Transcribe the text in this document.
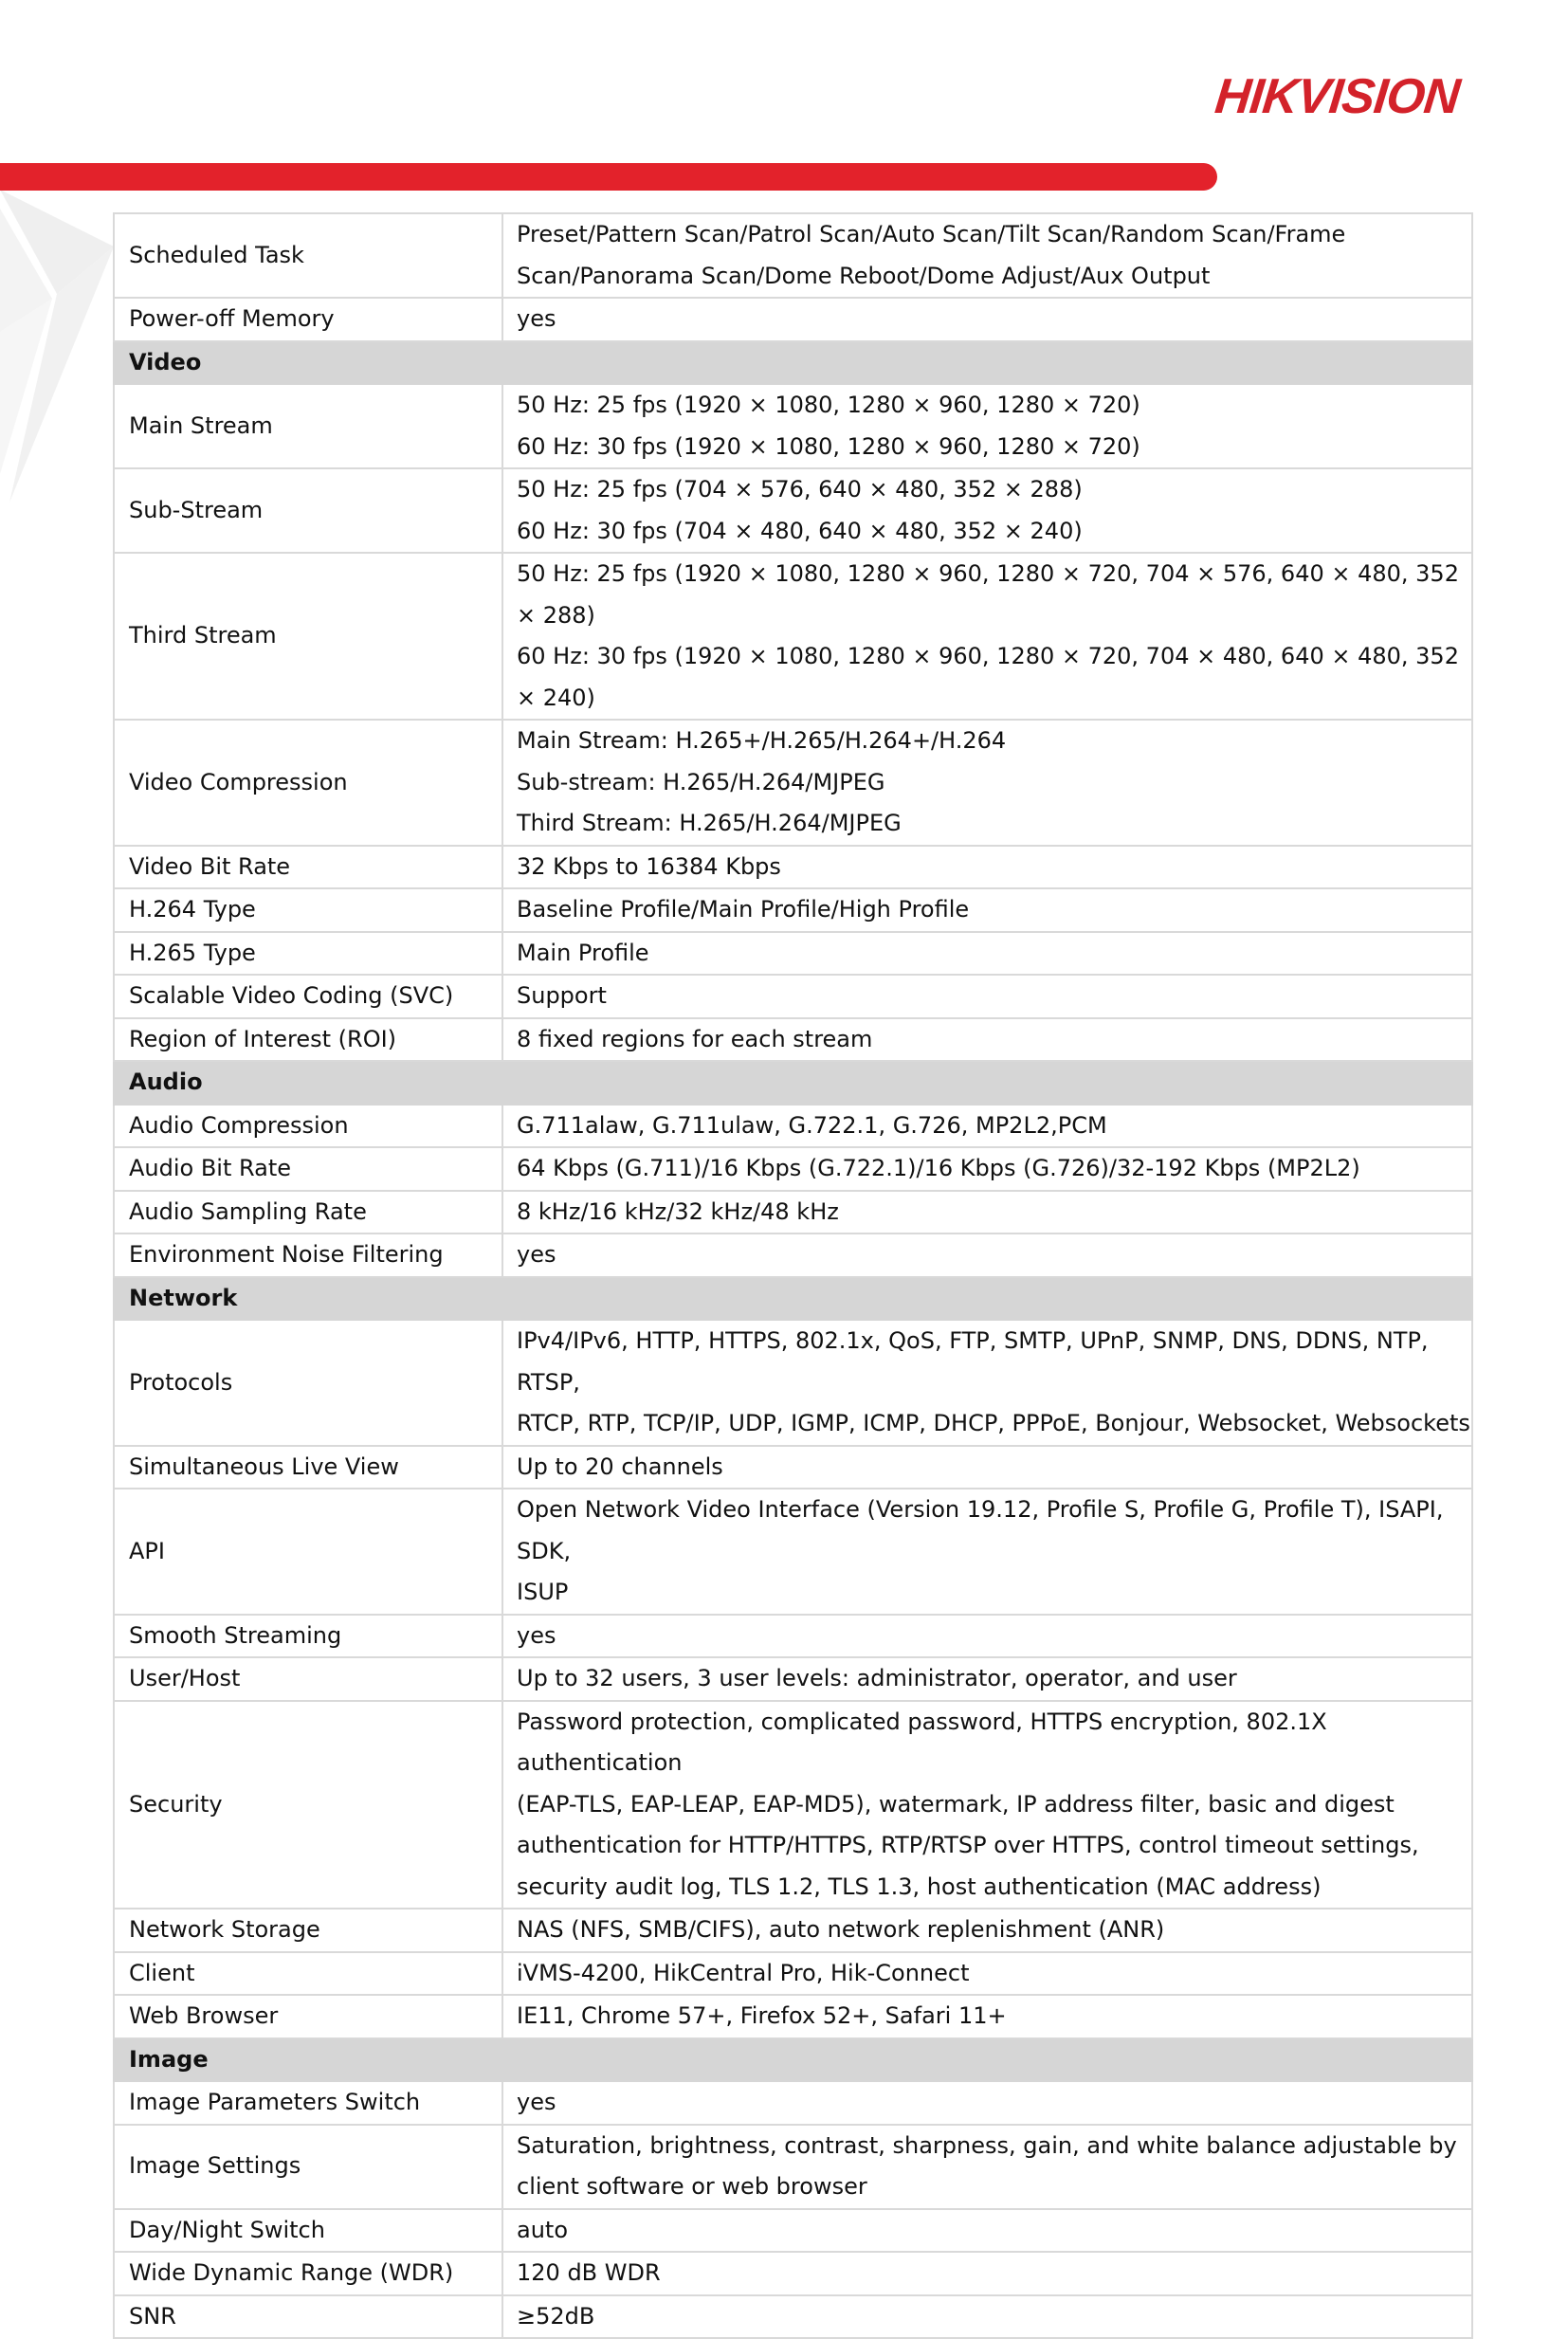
HIKVISION
Scheduled Task	Preset/Pattern Scan/Patrol Scan/Auto Scan/Tilt Scan/Random Scan/Frame
Scan/Panorama Scan/Dome Reboot/Dome Adjust/Aux Output

Power-off Memory	yes

Video	
Main Stream	50 Hz: 25 fps (1920 × 1080, 1280 × 960, 1280 × 720)
60 Hz: 30 fps (1920 × 1080, 1280 × 960, 1280 × 720)

Sub-Stream	50 Hz: 25 fps (704 × 576, 640 × 480, 352 × 288)
60 Hz: 30 fps (704 × 480, 640 × 480, 352 × 240)

Third Stream	50 Hz: 25 fps (1920 × 1080, 1280 × 960, 1280 × 720, 704 × 576, 640 × 480, 352 × 288)
60 Hz: 30 fps (1920 × 1080, 1280 × 960, 1280 × 720, 704 × 480, 640 × 480, 352 × 240)

Video Compression	Main Stream: H.265+/H.265/H.264+/H.264
Sub-stream: H.265/H.264/MJPEG
Third Stream: H.265/H.264/MJPEG

Video Bit Rate	32 Kbps to 16384 Kbps

H.264 Type	Baseline Profile/Main Profile/High Profile

H.265 Type	Main Profile

Scalable Video Coding (SVC)	Support

Region of Interest (ROI)	8 fixed regions for each stream

Audio	
Audio Compression	G.711alaw, G.711ulaw, G.722.1, G.726, MP2L2,PCM

Audio Bit Rate	64 Kbps (G.711)/16 Kbps (G.722.1)/16 Kbps (G.726)/32-192 Kbps (MP2L2)

Audio Sampling Rate	8 kHz/16 kHz/32 kHz/48 kHz

Environment Noise Filtering	yes

Network	
Protocols	IPv4/IPv6, HTTP, HTTPS, 802.1x, QoS, FTP, SMTP, UPnP, SNMP, DNS, DDNS, NTP, RTSP,
RTCP, RTP, TCP/IP, UDP, IGMP, ICMP, DHCP, PPPoE, Bonjour, Websocket, Websockets

Simultaneous Live View	Up to 20 channels

API	Open Network Video Interface (Version 19.12, Profile S, Profile G, Profile T), ISAPI, SDK,
ISUP

Smooth Streaming	yes

User/Host	Up to 32 users, 3 user levels: administrator, operator, and user

Security	Password protection, complicated password, HTTPS encryption, 802.1X authentication
(EAP-TLS, EAP-LEAP, EAP-MD5), watermark, IP address filter, basic and digest
authentication for HTTP/HTTPS, RTP/RTSP over HTTPS, control timeout settings,
security audit log, TLS 1.2, TLS 1.3, host authentication (MAC address)

Network Storage	NAS (NFS, SMB/CIFS), auto network replenishment (ANR)

Client	iVMS-4200, HikCentral Pro, Hik-Connect

Web Browser	IE11, Chrome 57+, Firefox 52+, Safari 11+

Image	
Image Parameters Switch	yes

Image Settings	Saturation, brightness, contrast, sharpness, gain, and white balance adjustable by
client software or web browser

Day/Night Switch	auto

Wide Dynamic Range (WDR)	120 dB WDR

SNR	≥52dB
